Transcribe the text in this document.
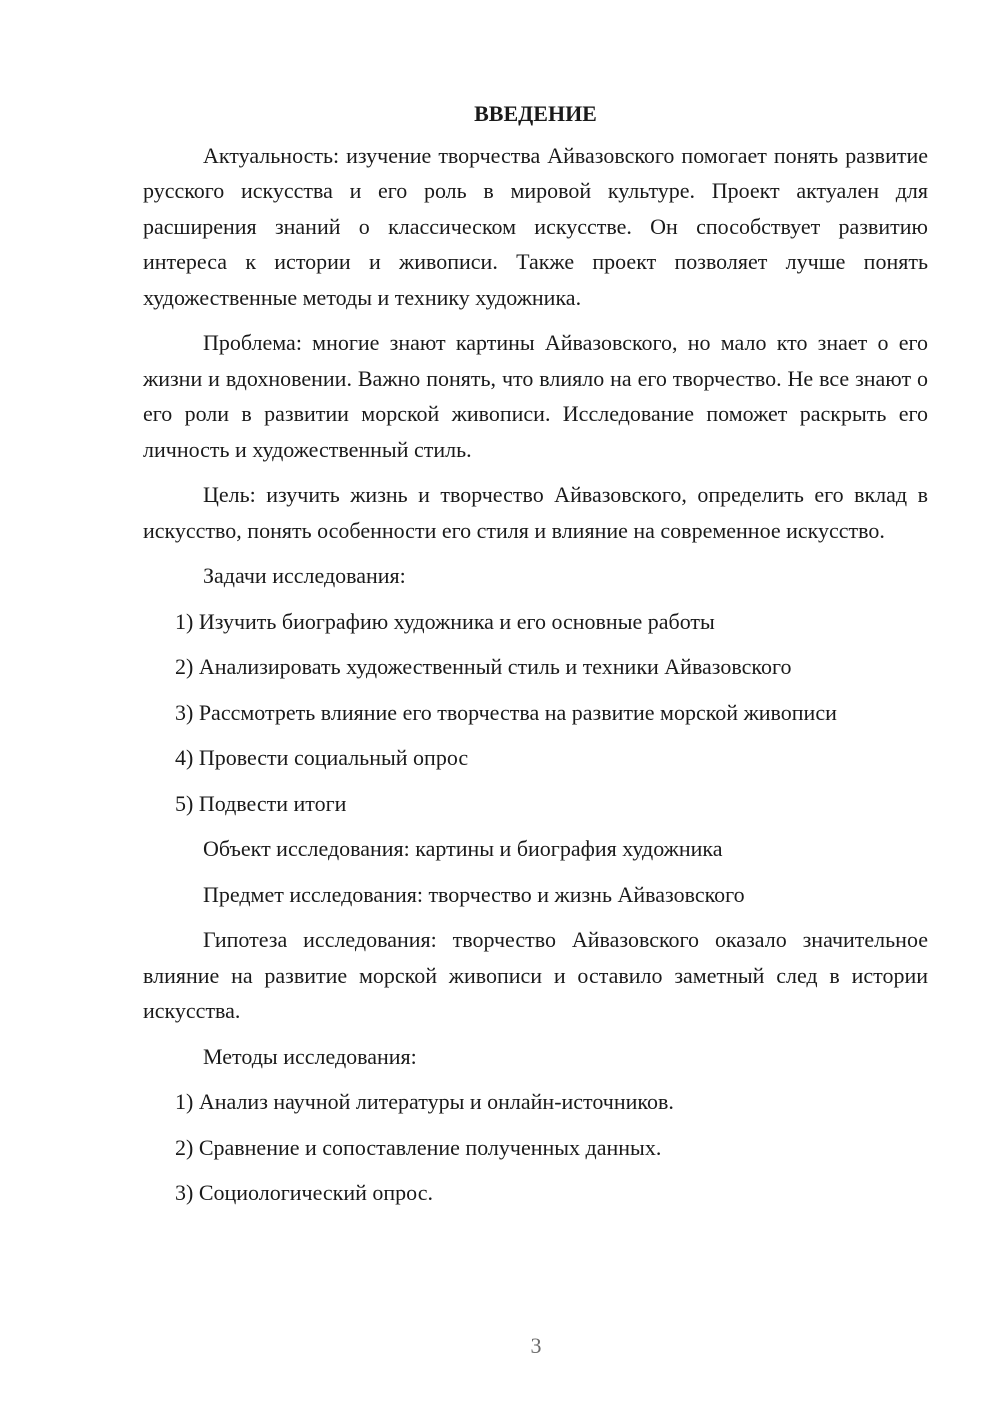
ВВЕДЕНИЕ

Актуальность: изучение творчества Айвазовского помогает понять развитие русского искусства и его роль в мировой культуре. Проект актуален для расширения знаний о классическом искусстве. Он способствует развитию интереса к истории и живописи. Также проект позволяет лучше понять художественные методы и технику художника.

Проблема: многие знают картины Айвазовского, но мало кто знает о его жизни и вдохновении. Важно понять, что влияло на его творчество. Не все знают о его роли в развитии морской живописи. Исследование поможет раскрыть его личность и художественный стиль.

Цель: изучить жизнь и творчество Айвазовского, определить его вклад в искусство, понять особенности его стиля и влияние на современное искусство.

Задачи исследования:
1) Изучить биографию художника и его основные работы
2) Анализировать художественный стиль и техники Айвазовского
3) Рассмотреть влияние его творчества на развитие морской живописи
4) Провести социальный опрос
5) Подвести итоги
Объект исследования: картины и биография художника
Предмет исследования: творчество и жизнь Айвазовского

Гипотеза исследования: творчество Айвазовского оказало значительное влияние на развитие морской живописи и оставило заметный след в истории искусства.

Методы исследования:
1) Анализ научной литературы и онлайн-источников.
2) Сравнение и сопоставление полученных данных.
3) Социологический опрос.
3
